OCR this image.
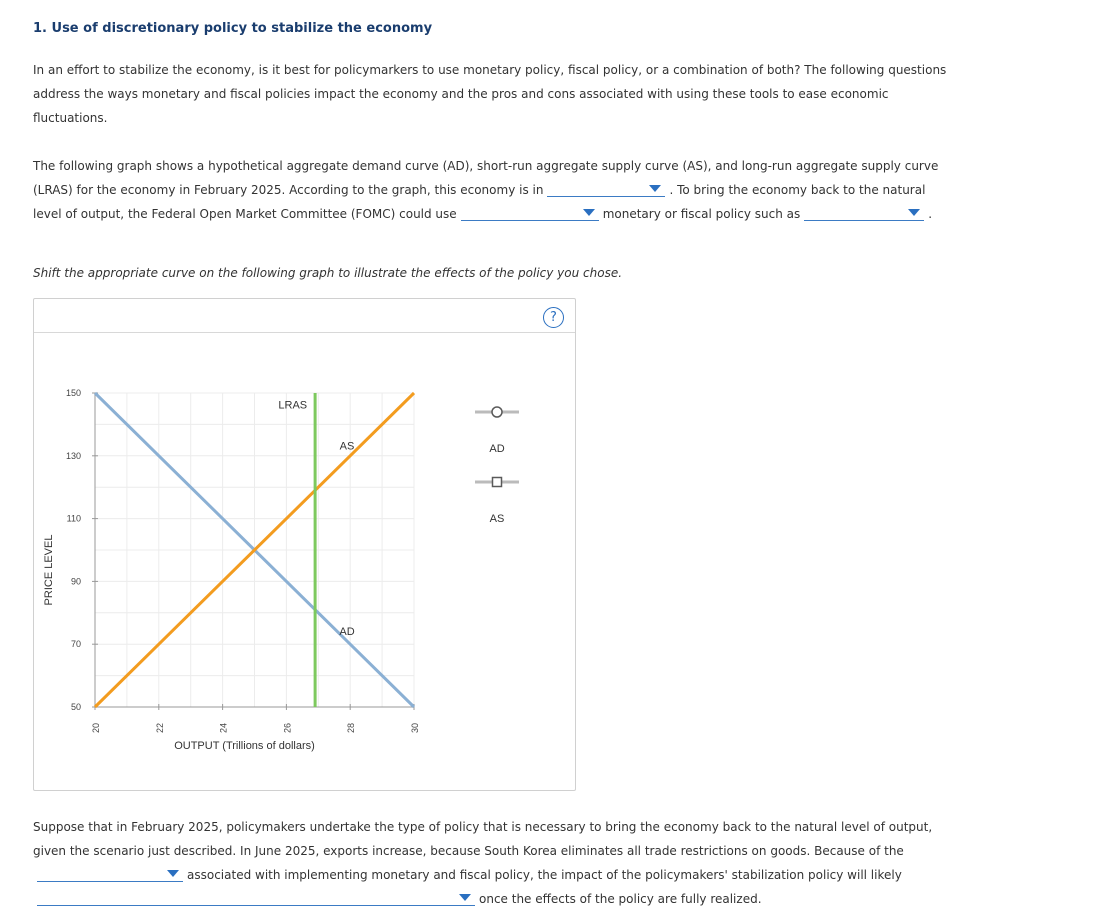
1. Use of discretionary policy to stabilize the economy

In an effort to stabilize the economy, is it best for policymarkers to use monetary policy, fiscal policy, or a combination of both? The following questions address the ways monetary and fiscal policies impact the economy and the pros and cons associated with using these tools to ease economic fluctuations.

The following graph shows a hypothetical aggregate demand curve (AD), short-run aggregate supply curve (AS), and long-run aggregate supply curve (LRAS) for the economy in February 2025. According to the graph, this economy is in	. To bring the economy back to the natural level of output, the Federal Open Market Committee (FOMC) could use	monetary or fiscal policy such as	.

Shift the appropriate curve on the following graph to illustrate the effects of the policy you chose.

?
50
70
90
110
130
150
20	22	24	26	28	30
OUTPUT (Trillions of dollars)
PRICE LEVEL
LRAS
AS
AD
AD
AS

Suppose that in February 2025, policymakers undertake the type of policy that is necessary to bring the economy back to the natural level of output, given the scenario just described. In June 2025, exports increase, because South Korea eliminates all trade restrictions on goods. Because of the

associated with implementing monetary and fiscal policy, the impact of the policymakers' stabilization policy will likely

once the effects of the policy are fully realized.
